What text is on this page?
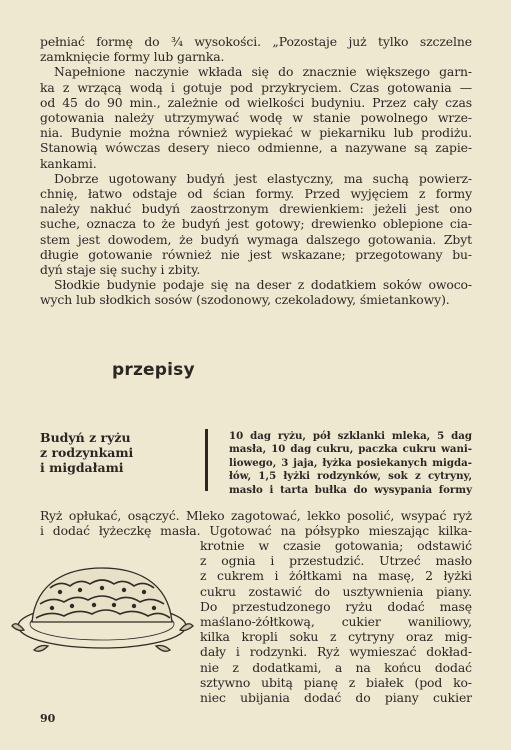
pełniać formę do ¾ wysokości. „Pozostaje już tylko szczelne
zamknięcie formy lub garnka.
Napełnione naczynie wkłada się do znacznie większego garn-
ka z wrzącą wodą i gotuje pod przykryciem. Czas gotowania —
od 45 do 90 min., zależnie od wielkości budyniu. Przez cały czas
gotowania należy utrzymywać wodę w stanie powolnego wrze-
nia. Budynie można również wypiekać w piekarniku lub prodiżu.
Stanowią wówczas desery nieco odmienne, a nazywane są zapie-
kankami.
Dobrze ugotowany budyń jest elastyczny, ma suchą powierz-
chnię, łatwo odstaje od ścian formy. Przed wyjęciem z formy
należy nakłuć budyń zaostrzonym drewienkiem: jeżeli jest ono
suche, oznacza to że budyń jest gotowy; drewienko oblepione cia-
stem jest dowodem, że budyń wymaga dalszego gotowania. Zbyt
długie gotowanie również nie jest wskazane; przegotowany bu-
dyń staje się suchy i zbity.
Słodkie budynie podaje się na deser z dodatkiem soków owoco-
wych lub słodkich sosów (szodonowy, czekoladowy, śmietankowy).
przepisy
Budyń z ryżu
z rodzynkami
i migdałami
10 dag ryżu, pół szklanki mleka, 5 dag
masła, 10 dag cukru, paczka cukru wani-
liowego, 3 jaja, łyżka posiekanych migda-
łów, 1,5 łyżki rodzynków, sok z cytryny,
masło i tarta bułka do wysypania formy
Ryż opłukać, osączyć. Mleko zagotować, lekko posolić, wsypać ryż
i dodać łyżeczkę masła. Ugotować na półsypko mieszając kilka-
krotnie w czasie gotowania; odstawić
z ognia i przestudzić. Utrzeć masło
z cukrem i żółtkami na masę, 2 łyżki
cukru zostawić do usztywnienia piany.
Do przestudzonego ryżu dodać masę
maślano-żółtkową, cukier waniliowy,
kilka kropli soku z cytryny oraz mig-
dały i rodzynki. Ryż wymieszać dokład-
nie z dodatkami, a na końcu dodać
sztywno ubitą pianę z białek (pod ko-
niec ubijania dodać do piany cukier
90
